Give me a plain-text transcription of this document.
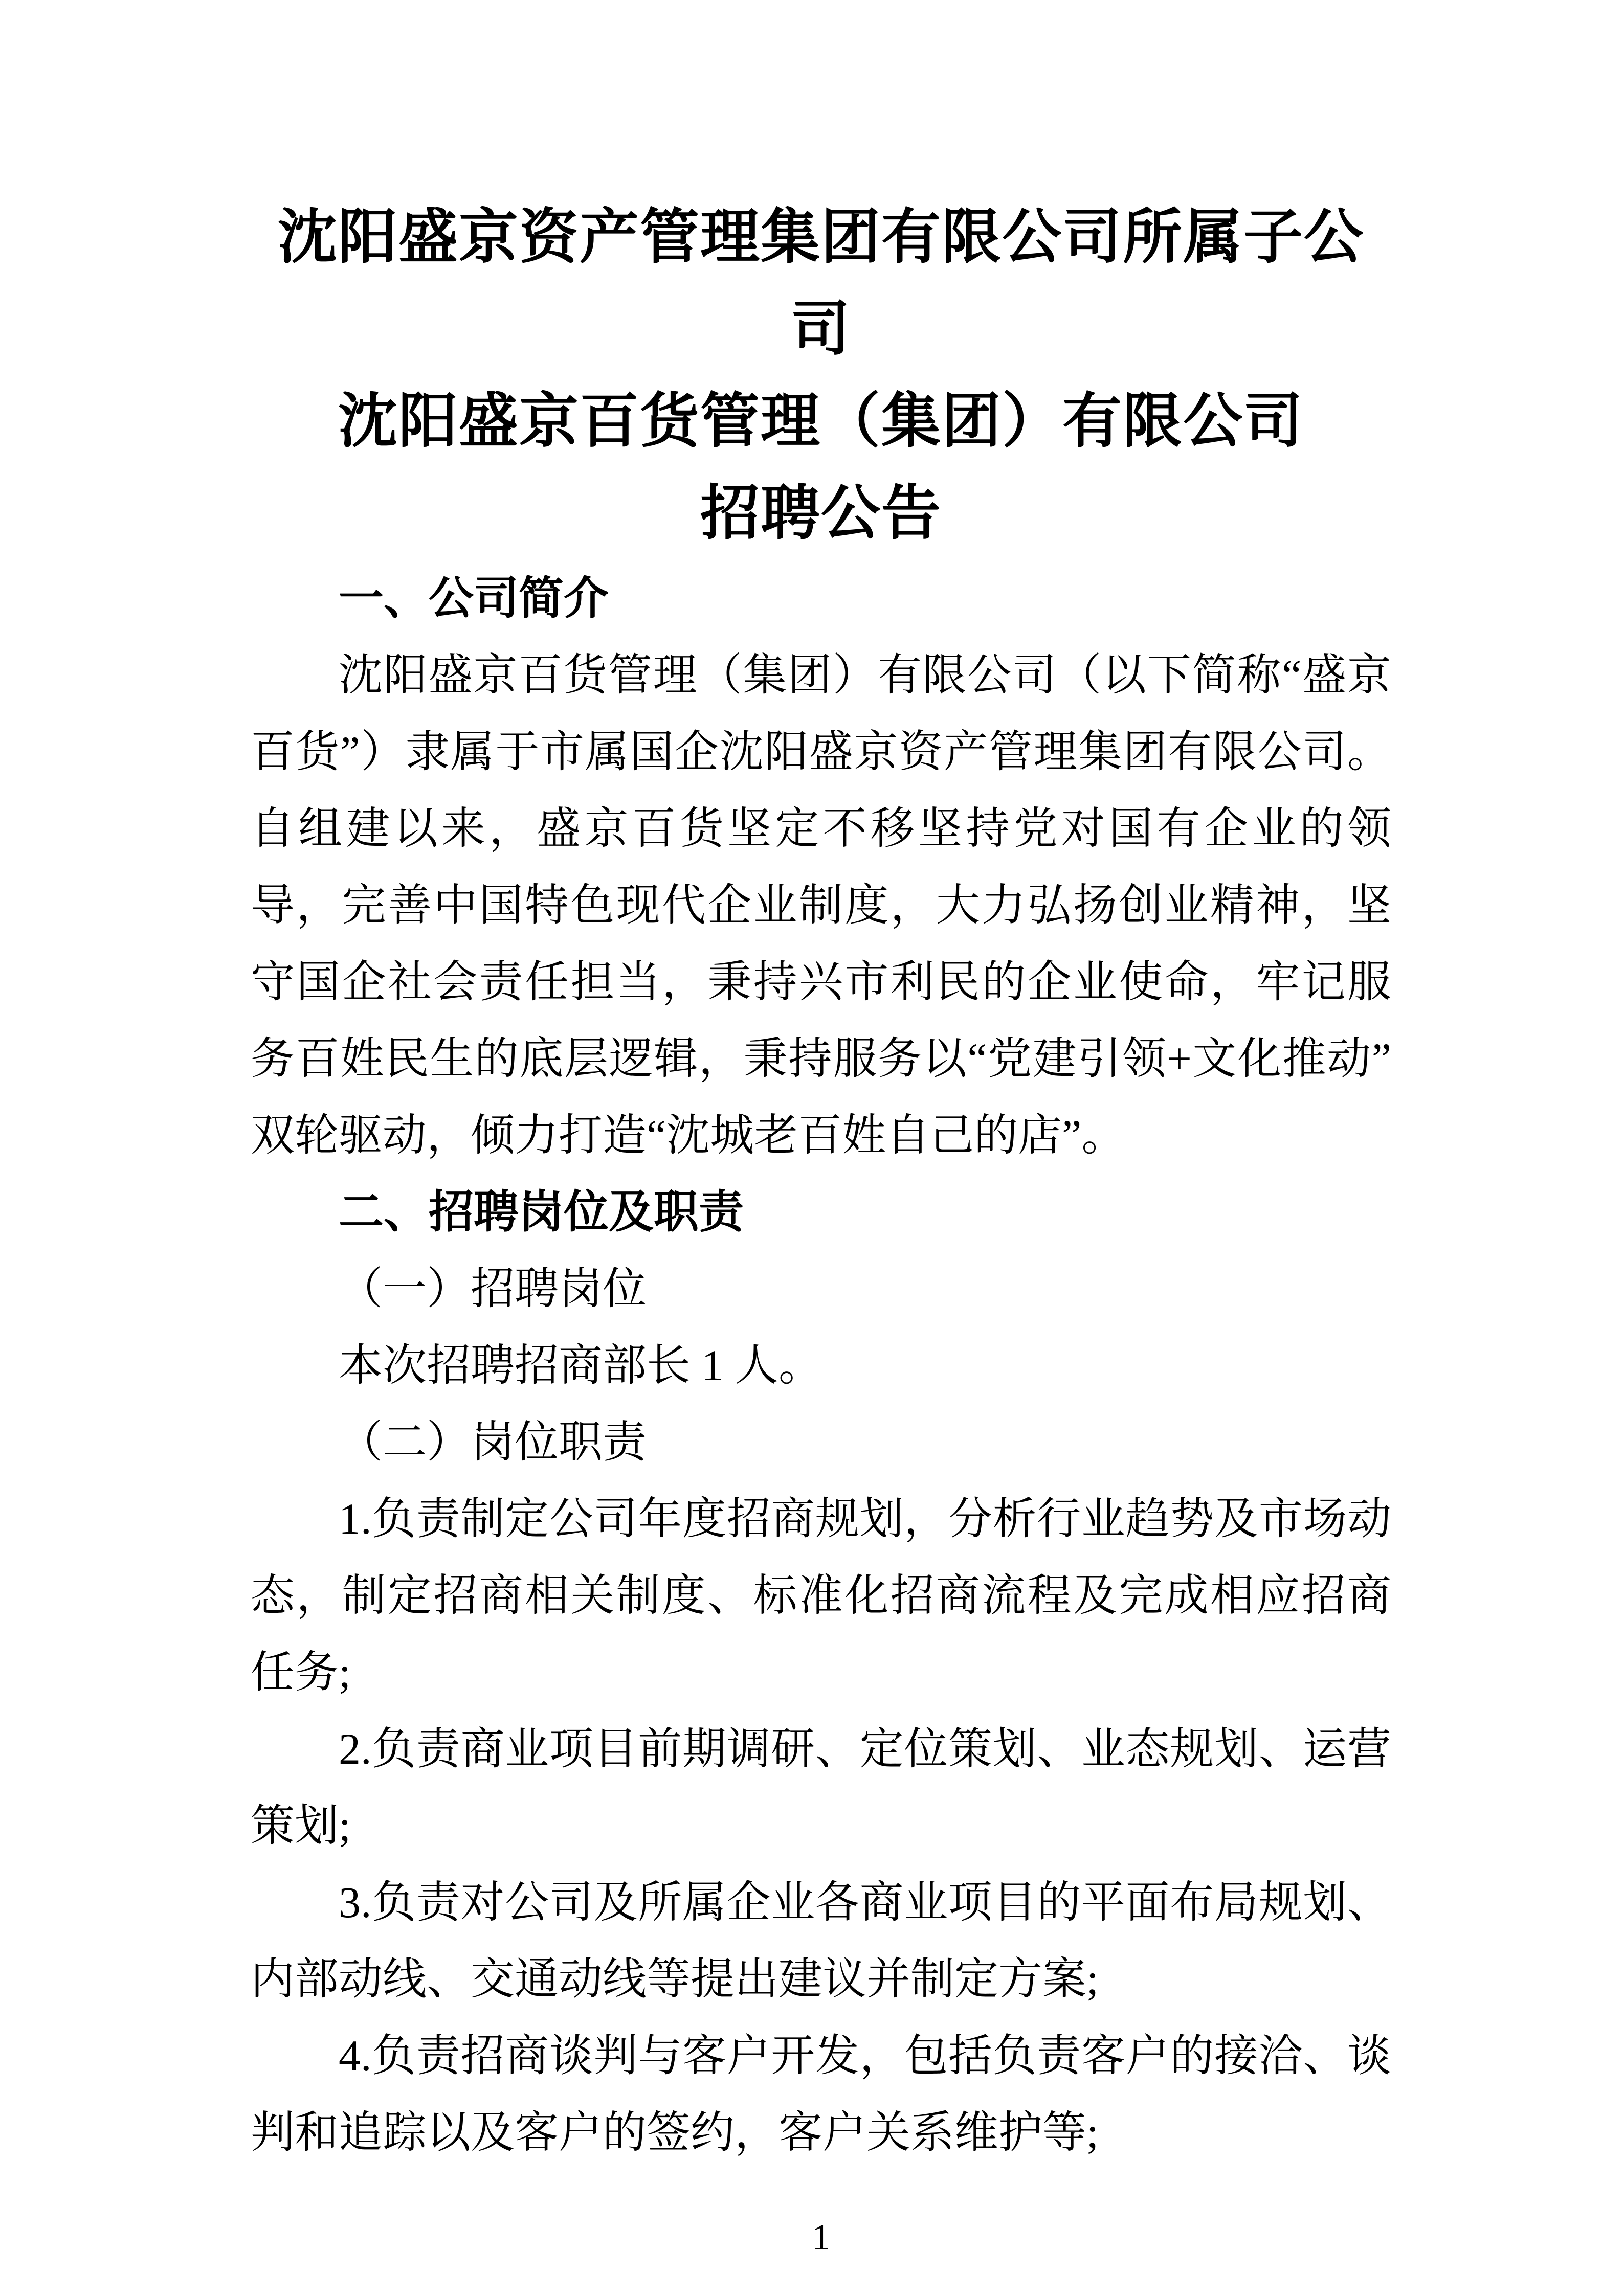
沈阳盛京资产管理集团有限公司所属子公司
沈阳盛京百货管理（集团）有限公司
招聘公告
一、公司简介
沈阳盛京百货管理（集团）有限公司（以下简称“盛京百货”）隶属于市属国企沈阳盛京资产管理集团有限公司。自组建以来，盛京百货坚定不移坚持党对国有企业的领导，完善中国特色现代企业制度，大力弘扬创业精神，坚守国企社会责任担当，秉持兴市利民的企业使命，牢记服务百姓民生的底层逻辑，秉持服务以“党建引领+文化推动”双轮驱动，倾力打造“沈城老百姓自己的店”。
二、招聘岗位及职责
（一）招聘岗位
本次招聘招商部长 1 人。
（二）岗位职责
1.负责制定公司年度招商规划，分析行业趋势及市场动态，制定招商相关制度、标准化招商流程及完成相应招商任务;
2.负责商业项目前期调研、定位策划、业态规划、运营策划;
3.负责对公司及所属企业各商业项目的平面布局规划、内部动线、交通动线等提出建议并制定方案;
4.负责招商谈判与客户开发，包括负责客户的接洽、谈判和追踪以及客户的签约，客户关系维护等;
1
